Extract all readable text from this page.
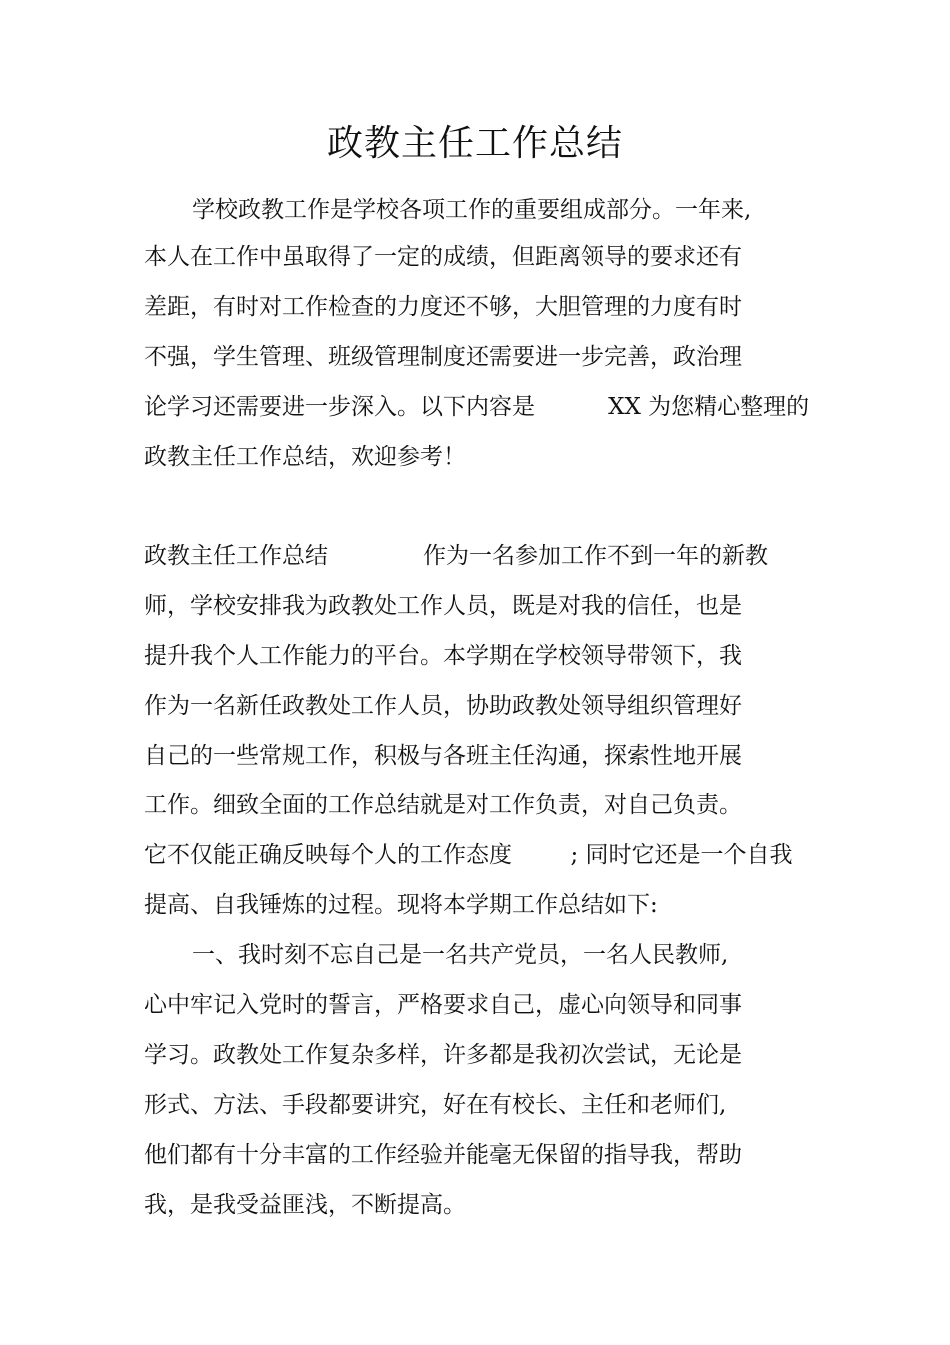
政教主任工作总结

学校政教工作是学校各项工作的重要组成部分。一年来,

本人在工作中虽取得了一定的成绩，但距离领导的要求还有

差距，有时对工作检查的力度还不够，大胆管理的力度有时

不强，学生管理、班级管理制度还需要进一步完善，政治理

论学习还需要进一步深入。以下内容是          XX 为您精心整理的

政教主任工作总结，欢迎参考！

政教主任工作总结             作为一名参加工作不到一年的新教

师，学校安排我为政教处工作人员，既是对我的信任，也是

提升我个人工作能力的平台。本学期在学校领导带领下，我

作为一名新任政教处工作人员，协助政教处领导组织管理好

自己的一些常规工作，积极与各班主任沟通，探索性地开展

工作。细致全面的工作总结就是对工作负责，对自己负责。

它不仅能正确反映每个人的工作态度        ; 同时它还是一个自我

提高、自我锤炼的过程。现将本学期工作总结如下:

一、我时刻不忘自己是一名共产党员，一名人民教师,

心中牢记入党时的誓言，严格要求自己，虚心向领导和同事

学习。政教处工作复杂多样，许多都是我初次尝试，无论是

形式、方法、手段都要讲究，好在有校长、主任和老师们,

他们都有十分丰富的工作经验并能毫无保留的指导我，帮助

我，是我受益匪浅，不断提高。
